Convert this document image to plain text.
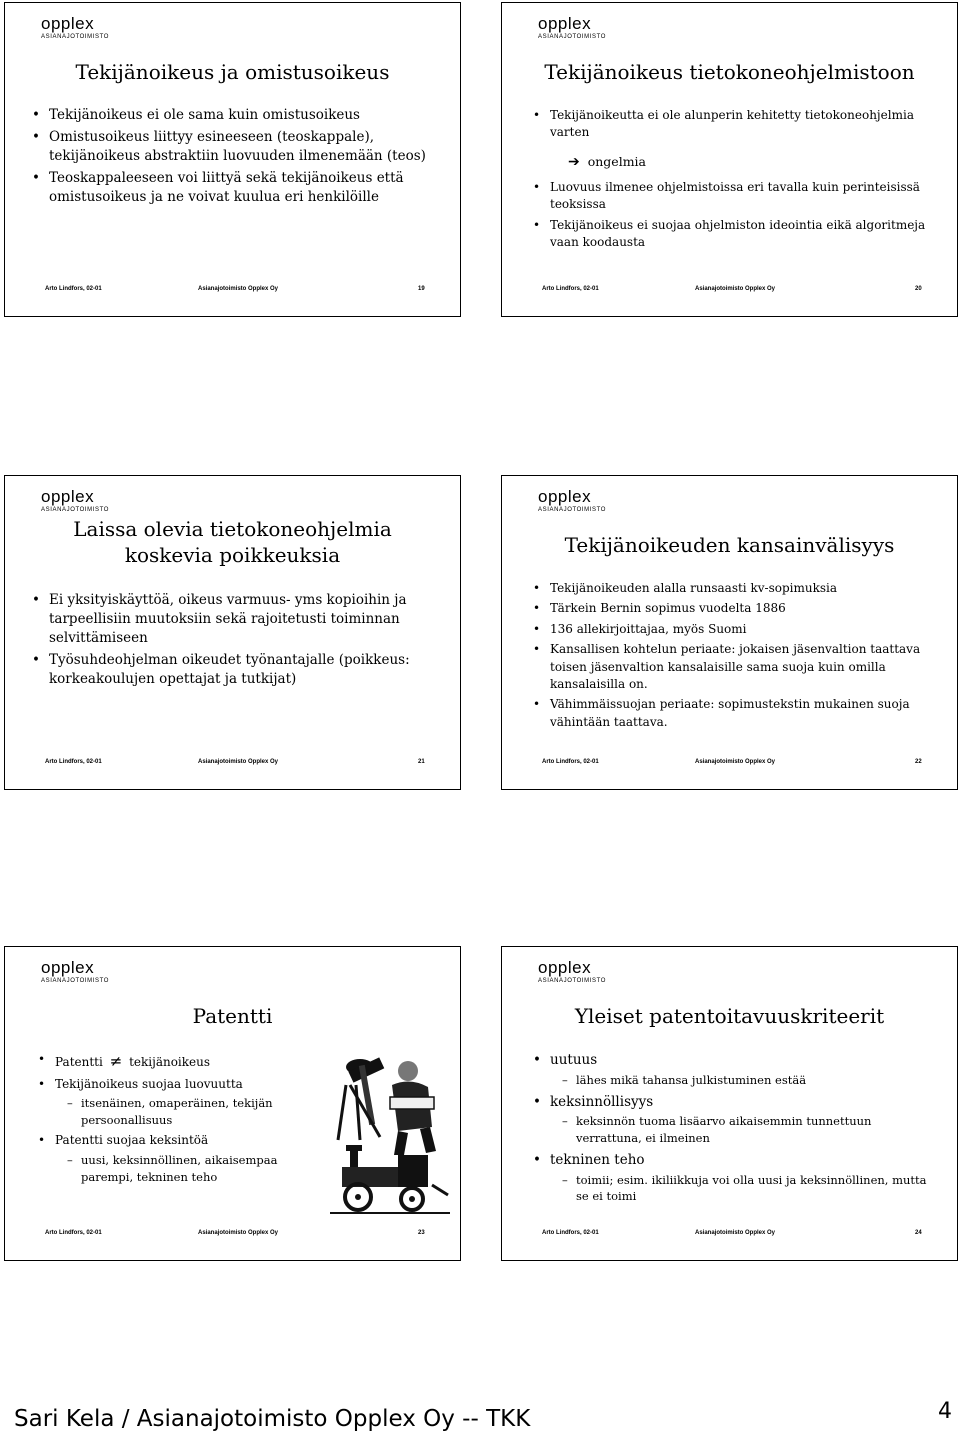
opplex
ASIANAJOTOIMISTO
Tekijänoikeus ja omistusoikeus
• Tekijänoikeus ei ole sama kuin omistusoikeus
• Omistusoikeus liittyy esineeseen (teoskappale), tekijänoikeus abstraktiin luovuuden ilmenemään (teos)
• Teoskappaleeseen voi liittyä sekä tekijänoikeus että omistusoikeus ja ne voivat kuulua eri henkilöille
Arto Lindfors, 02-01	Asianajotoimisto Opplex Oy	19
opplex
ASIANAJOTOIMISTO
Tekijänoikeus tietokoneohjelmistoon
• Tekijänoikeutta ei ole alunperin kehitetty tietokoneohjelmia varten
➔ ongelmia
• Luovuus ilmenee ohjelmistoissa eri tavalla kuin perinteisissä teoksissa
• Tekijänoikeus ei suojaa ohjelmiston ideointia eikä algoritmeja vaan koodausta
Arto Lindfors, 02-01	Asianajotoimisto Opplex Oy	20
opplex
ASIANAJOTOIMISTO
Laissa olevia tietokoneohjelmia
koskevia poikkeuksia
• Ei yksityiskäyttöä, oikeus varmuus- yms kopioihin ja tarpeellisiin muutoksiin sekä rajoitetusti toiminnan selvittämiseen
• Työsuhdeohjelman oikeudet työnantajalle (poikkeus: korkeakoulujen opettajat ja tutkijat)
Arto Lindfors, 02-01	Asianajotoimisto Opplex Oy	21
opplex
ASIANAJOTOIMISTO
Tekijänoikeuden kansainvälisyys
• Tekijänoikeuden alalla runsaasti kv-sopimuksia
• Tärkein Bernin sopimus vuodelta 1886
• 136 allekirjoittajaa, myös Suomi
• Kansallisen kohtelun periaate: jokaisen jäsenvaltion taattava toisen jäsenvaltion kansalaisille sama suoja kuin omilla kansalaisilla on.
• Vähimmäissuojan periaate: sopimustekstin mukainen suoja vähintään taattava.
Arto Lindfors, 02-01	Asianajotoimisto Opplex Oy	22
opplex
ASIANAJOTOIMISTO
Patentti
• Patentti ≠ tekijänoikeus
• Tekijänoikeus suojaa luovuutta
– itsenäinen, omaperäinen, tekijän persoonallisuus
• Patentti suojaa keksintöä
– uusi, keksinnöllinen, aikaisempaa parempi, tekninen teho
Arto Lindfors, 02-01	Asianajotoimisto Opplex Oy	23
opplex
ASIANAJOTOIMISTO
Yleiset patentoitavuuskriteerit
• uutuus
– lähes mikä tahansa julkistuminen estää
• keksinnöllisyys
– keksinnön tuoma lisäarvo aikaisemmin tunnettuun verrattuna, ei ilmeinen
• tekninen teho
– toimii; esim. ikiliikkuja voi olla uusi ja keksinnöllinen, mutta se ei toimi
Arto Lindfors, 02-01	Asianajotoimisto Opplex Oy	24
Sari Kela / Asianajotoimisto Opplex Oy -- TKK	4
